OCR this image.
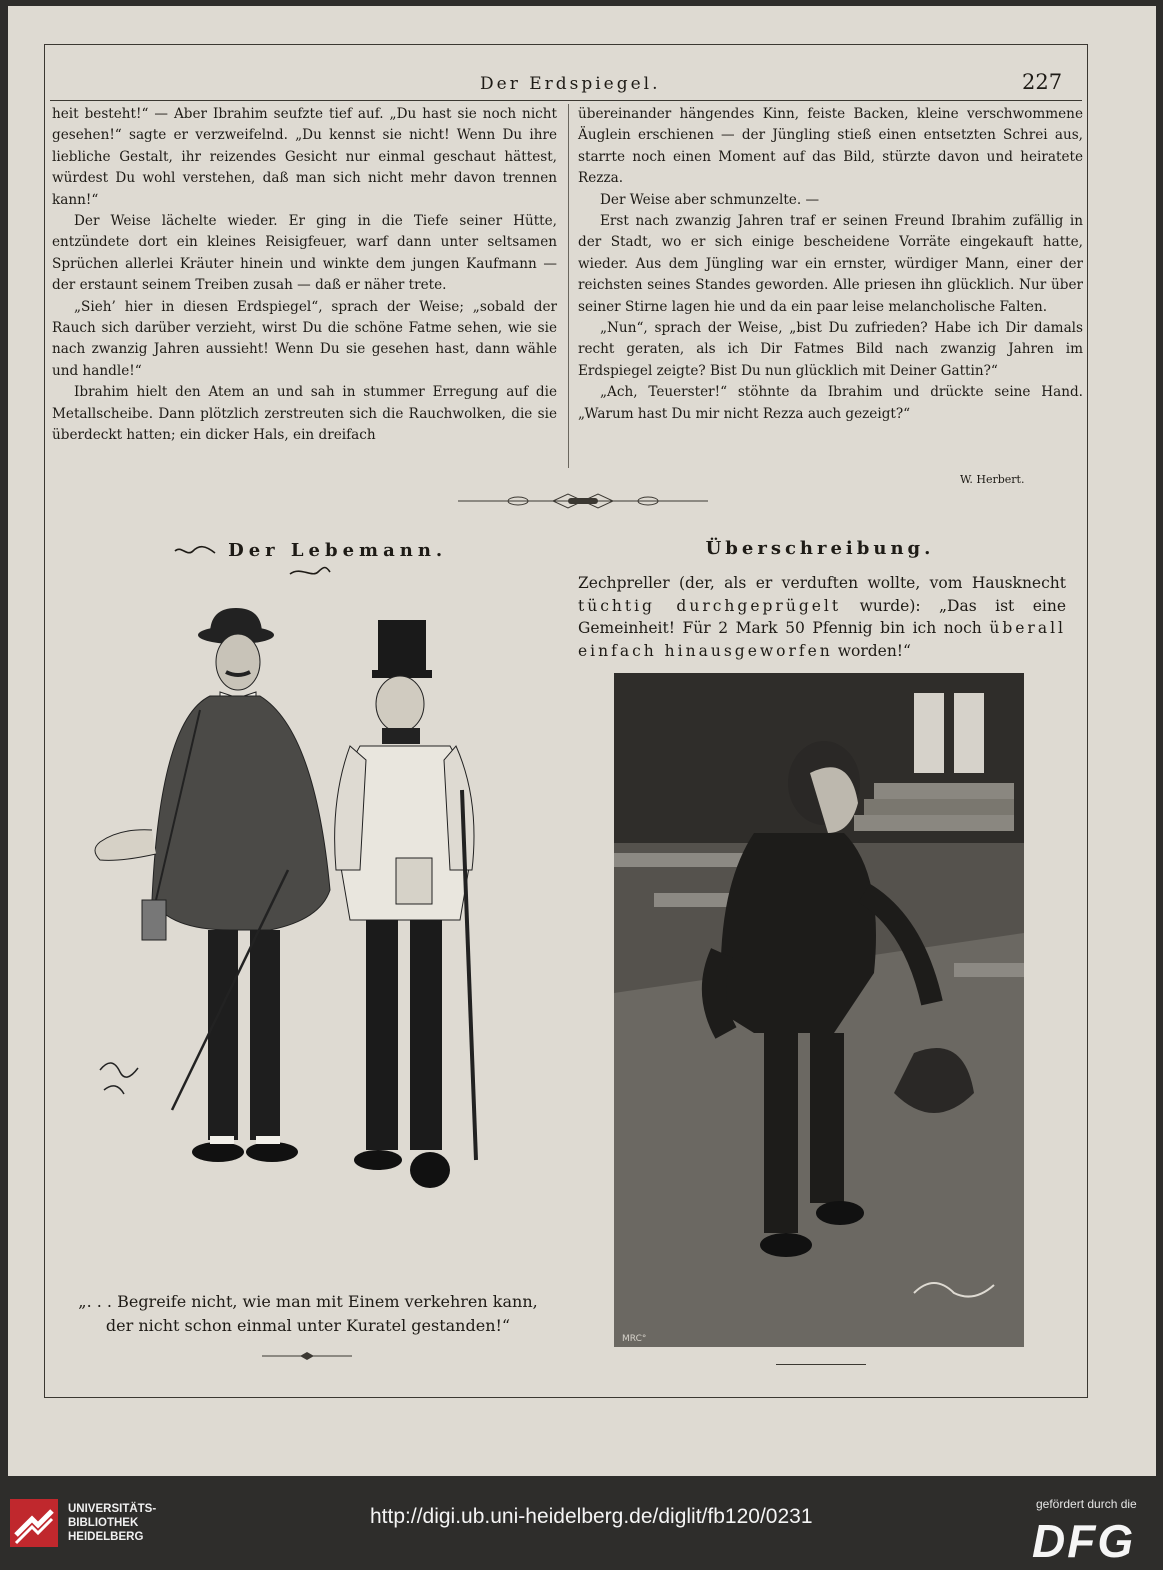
Der Erdspiegel.	227

heit besteht!“ — Aber Ibrahim seufzte tief auf. „Du hast sie noch nicht gesehen!“ sagte er verzweifelnd. „Du kennst sie nicht! Wenn Du ihre liebliche Gestalt, ihr reizendes Gesicht nur einmal geschaut hättest, würdest Du wohl verstehen, daß man sich nicht mehr davon trennen kann!“

Der Weise lächelte wieder. Er ging in die Tiefe seiner Hütte, entzündete dort ein kleines Reisigfeuer, warf dann unter seltsamen Sprüchen allerlei Kräuter hinein und winkte dem jungen Kaufmann — der erstaunt seinem Treiben zusah — daß er näher trete.

„Sieh’ hier in diesen Erdspiegel“, sprach der Weise; „sobald der Rauch sich darüber verzieht, wirst Du die schöne Fatme sehen, wie sie nach zwanzig Jahren aussieht! Wenn Du sie gesehen hast, dann wähle und handle!“

Ibrahim hielt den Atem an und sah in stummer Erregung auf die Metallscheibe. Dann plötzlich zerstreuten sich die Rauchwolken, die sie überdeckt hatten; ein dicker Hals, ein dreifach

übereinander hängendes Kinn, feiste Backen, kleine verschwommene Äuglein erschienen — der Jüngling stieß einen entsetzten Schrei aus, starrte noch einen Moment auf das Bild, stürzte davon und heiratete Rezza.

Der Weise aber schmunzelte. —

Erst nach zwanzig Jahren traf er seinen Freund Ibrahim zufällig in der Stadt, wo er sich einige bescheidene Vorräte eingekauft hatte, wieder. Aus dem Jüngling war ein ernster, würdiger Mann, einer der reichsten seines Standes geworden. Alle priesen ihn glücklich. Nur über seiner Stirne lagen hie und da ein paar leise melancholische Falten.

„Nun“, sprach der Weise, „bist Du zufrieden? Habe ich Dir damals recht geraten, als ich Dir Fatmes Bild nach zwanzig Jahren im Erdspiegel zeigte? Bist Du nun glücklich mit Deiner Gattin?“

„Ach, Teuerster!“ stöhnte da Ibrahim und drückte seine Hand. „Warum hast Du mir nicht Rezza auch gezeigt?“

W. Herbert.
Der Lebemann.	Überschreibung.
Zechpreller (der, als er verduften wollte, vom Hausknecht tüchtig durchgeprügelt wurde): „Das ist eine Gemeinheit! Für 2 Mark 50 Pfennig bin ich noch überall einfach hinausgeworfen worden!“
MRC°
„. . . Begreife nicht, wie man mit Einem verkehren kann,
der nicht schon einmal unter Kuratel gestanden!“
UNIVERSITÄTS-
BIBLIOTHEK
HEIDELBERG
http://digi.ub.uni-heidelberg.de/diglit/fb120/0231
gefördert durch die
DFG
